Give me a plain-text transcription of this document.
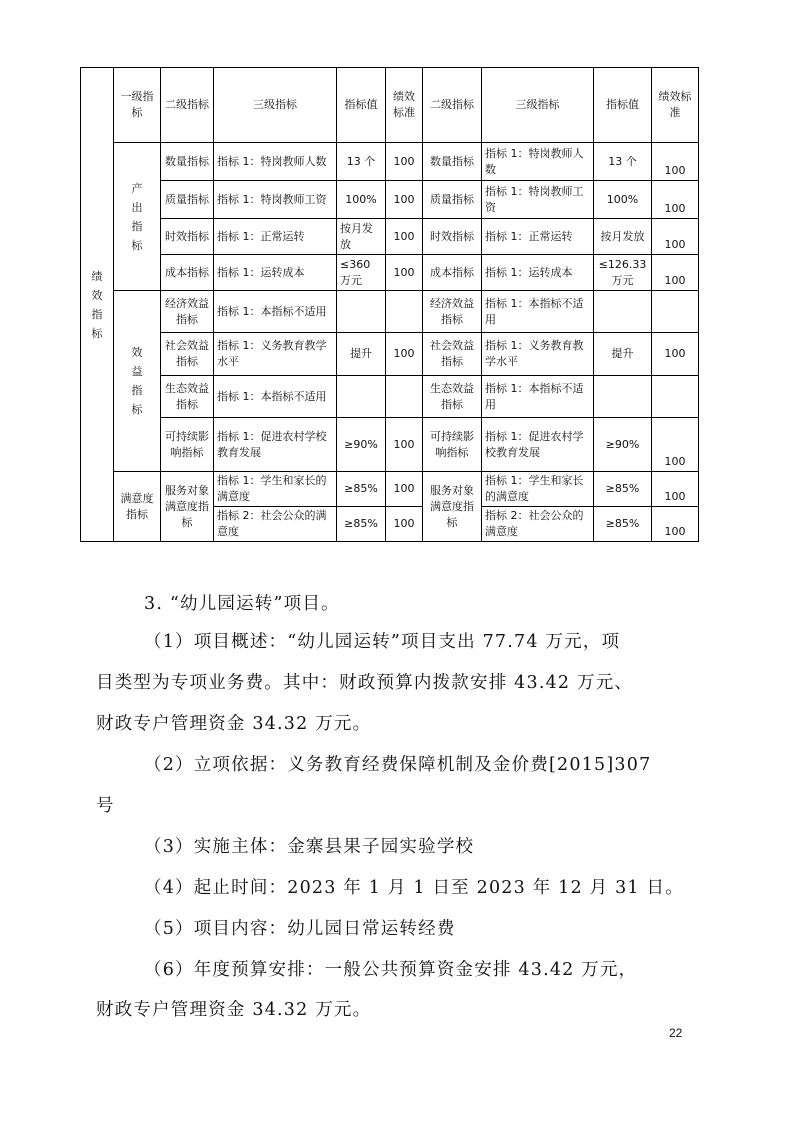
绩效指标	一级指标	二级指标	三级指标	指标值	绩效标准	二级指标	三级指标	指标值	绩效标准

	产出指标	数量指标	指标 1：特岗教师人数	13 个	100	数量指标	指标 1：特岗教师人数	13 个	100
		质量指标	指标 1：特岗教师工资	100%	100	质量指标	指标 1：特岗教师工资	100%	100
		时效指标	指标 1：正常运转	按月发放	100	时效指标	指标 1：正常运转	按月发放	100
		成本指标	指标 1：运转成本	≤360 万元	100	成本指标	指标 1：运转成本	≤126.33 万元	100

	效益指标	经济效益指标	指标 1：本指标不适用			经济效益指标	指标 1：本指标不适用		
		社会效益指标	指标 1：义务教育教学水平	提升	100	社会效益指标	指标 1：义务教育教学水平	提升	100
		生态效益指标	指标 1：本指标不适用			生态效益指标	指标 1：本指标不适用		
		可持续影响指标	指标 1：促进农村学校教育发展	≥90%	100	可持续影响指标	指标 1：促进农村学校教育发展	≥90%	100
	满意度指标	服务对象满意度指标	指标 1：学生和家长的满意度	≥85%	100	服务对象满意度指标	指标 1：学生和家长的满意度	≥85%	100
			指标 2：社会公众的满意度	≥85%	100		指标 2：社会公众的满意度	≥85%	100
3. “幼儿园运转”项目。
（1）项目概述：“幼儿园运转”项目支出 77.74 万元，项
目类型为专项业务费。其中：财政预算内拨款安排 43.42 万元、
财政专户管理资金 34.32 万元。
（2）立项依据：义务教育经费保障机制及金价费[2015]307
号
（3）实施主体：金寨县果子园实验学校
（4）起止时间：2023 年 1 月 1 日至 2023 年 12 月 31 日。
（5）项目内容：幼儿园日常运转经费
（6）年度预算安排：一般公共预算资金安排 43.42 万元，
财政专户管理资金 34.32 万元。
22
